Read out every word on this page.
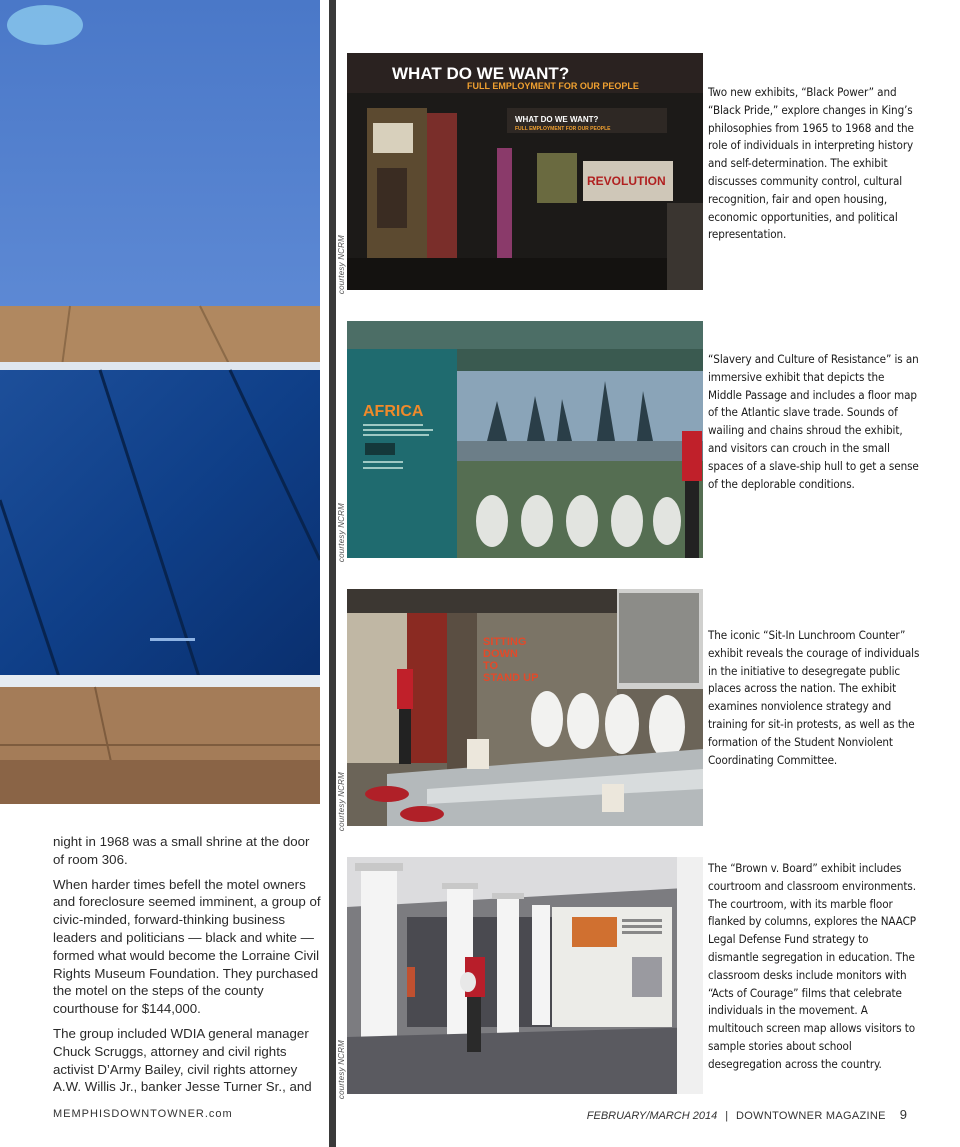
night in 1968 was a small shrine at the door of room 306.

When harder times befell the motel owners and foreclosure seemed imminent, a group of civic-minded, forward-thinking business leaders and politicians — black and white — formed what would become the Lorraine Civil Rights Museum Foundation. They purchased the motel on the steps of the county courthouse for $144,000.

The group included WDIA general manager Chuck Scruggs, attorney and civil rights activist D’Army Bailey, civil rights attorney A.W. Willis Jr., banker Jesse Turner Sr., and

courtesy NCRM
WHAT DO WE WANT?
FULL EMPLOYMENT FOR OUR PEOPLE
WHAT DO WE WANT?
FULL EMPLOYMENT FOR OUR PEOPLE
REVOLUTION
Two new exhibits, “Black Power” and “Black Pride,” explore changes in King’s philosophies from 1965 to 1968 and the role of individuals in interpreting history and self-determination. The exhibit discusses community control, cultural recognition, fair and open housing, economic opportunities, and political representation.
courtesy NCRM
AFRICA
“Slavery and Culture of Resistance” is an immersive exhibit that depicts the Middle Passage and includes a floor map of the Atlantic slave trade. Sounds of wailing and chains shroud the exhibit, and visitors can crouch in the small spaces of a slave-ship hull to get a sense of the deplorable conditions.
courtesy NCRM
SITTING
DOWN
TO
STAND UP
The iconic “Sit-In Lunchroom Counter” exhibit reveals the courage of individuals in the initiative to desegregate public places across the nation. The exhibit examines nonviolence strategy and training for sit-in protests, as well as the formation of the Student Nonviolent Coordinating Committee.
courtesy NCRM
The “Brown v. Board” exhibit includes courtroom and classroom environments. The courtroom, with its marble floor flanked by columns, explores the NAACP Legal Defense Fund strategy to dismantle segregation in education. The classroom desks include monitors with “Acts of Courage” films that celebrate individuals in the movement. A multitouch screen map allows visitors to sample stories about school desegregation across the country.
MEMPHISDOWNTOWNER.com	FEBRUARY/MARCH 2014 | DOWNTOWNER MAGAZINE 9
